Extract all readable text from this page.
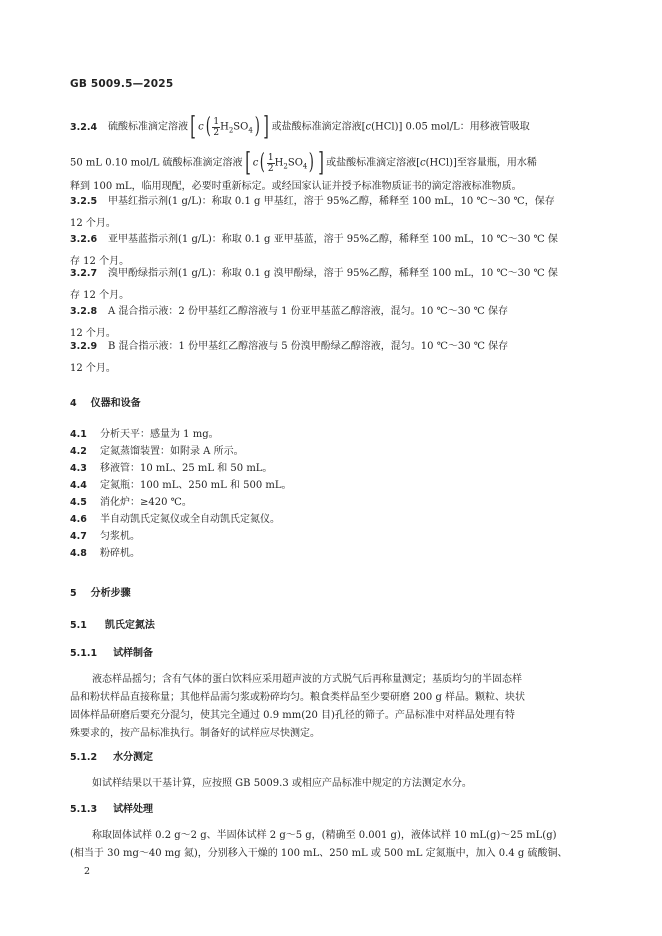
GB 5009.5—2025
3.2.4 硫酸标准滴定溶液[ $c( \frac{1}{2} H_2SO_4)$ ] 或盐酸标准滴定溶液[c(HCl)] 0.05 mol/L：用移液管吸取
50 mL 0.10 mol/L 硫酸标准滴定溶液[ $c( \frac{1}{2} H_2SO_4)$ ] 或盐酸标准滴定溶液[c(HCl)]至容量瓶，用水稀
释到 100 mL，临用现配，必要时重新标定。或经国家认证并授予标准物质证书的滴定溶液标准物质。
3.2.5 甲基红指示剂(1 g/L)：称取 0.1 g 甲基红，溶于 95%乙醇，稀释至 100 mL，10 ℃～30 ℃，保存
12 个月。
3.2.6 亚甲基蓝指示剂(1 g/L)：称取 0.1 g 亚甲基蓝，溶于 95%乙醇，稀释至 100 mL，10 ℃～30 ℃ 保
存 12 个月。
3.2.7 溴甲酚绿指示剂(1 g/L)：称取 0.1 g 溴甲酚绿，溶于 95%乙醇，稀释至 100 mL，10 ℃～30 ℃ 保
存 12 个月。
3.2.8 A 混合指示液：2 份甲基红乙醇溶液与 1 份亚甲基蓝乙醇溶液，混匀。10 ℃～30 ℃ 保存
12 个月。
3.2.9 B 混合指示液：1 份甲基红乙醇溶液与 5 份溴甲酚绿乙醇溶液，混匀。10 ℃～30 ℃ 保存
12 个月。
4 仪器和设备
4.1 分析天平：感量为 1 mg。
4.2 定氮蒸馏装置：如附录 A 所示。
4.3 移液管：10 mL、25 mL 和 50 mL。
4.4 定氮瓶：100 mL、250 mL 和 500 mL。
4.5 消化炉：≥420 ℃。
4.6 半自动凯氏定氮仪或全自动凯氏定氮仪。
4.7 匀浆机。
4.8 粉碎机。
5 分析步骤
5.1 凯氏定氮法
5.1.1 试样制备
液态样品摇匀；含有气体的蛋白饮料应采用超声波的方式脱气后再称量测定；基质均匀的半固态样
品和粉状样品直接称量；其他样品需匀浆或粉碎均匀。粮食类样品至少要研磨 200 g 样品。颗粒、块状
固体样品研磨后要充分混匀，使其完全通过 0.9 mm(20 目)孔径的筛子。产品标准中对样品处理有特
殊要求的，按产品标准执行。制备好的试样应尽快测定。
5.1.2 水分测定
如试样结果以干基计算，应按照 GB 5009.3 或相应产品标准中规定的方法测定水分。
5.1.3 试样处理
称取固体试样 0.2 g～2 g、半固体试样 2 g～5 g，(精确至 0.001 g)，液体试样 10 mL(g)～25 mL(g)
(相当于 30 mg～40 mg 氮)，分别移入干燥的 100 mL、250 mL 或 500 mL 定氮瓶中，加入 0.4 g 硫酸铜、
2
